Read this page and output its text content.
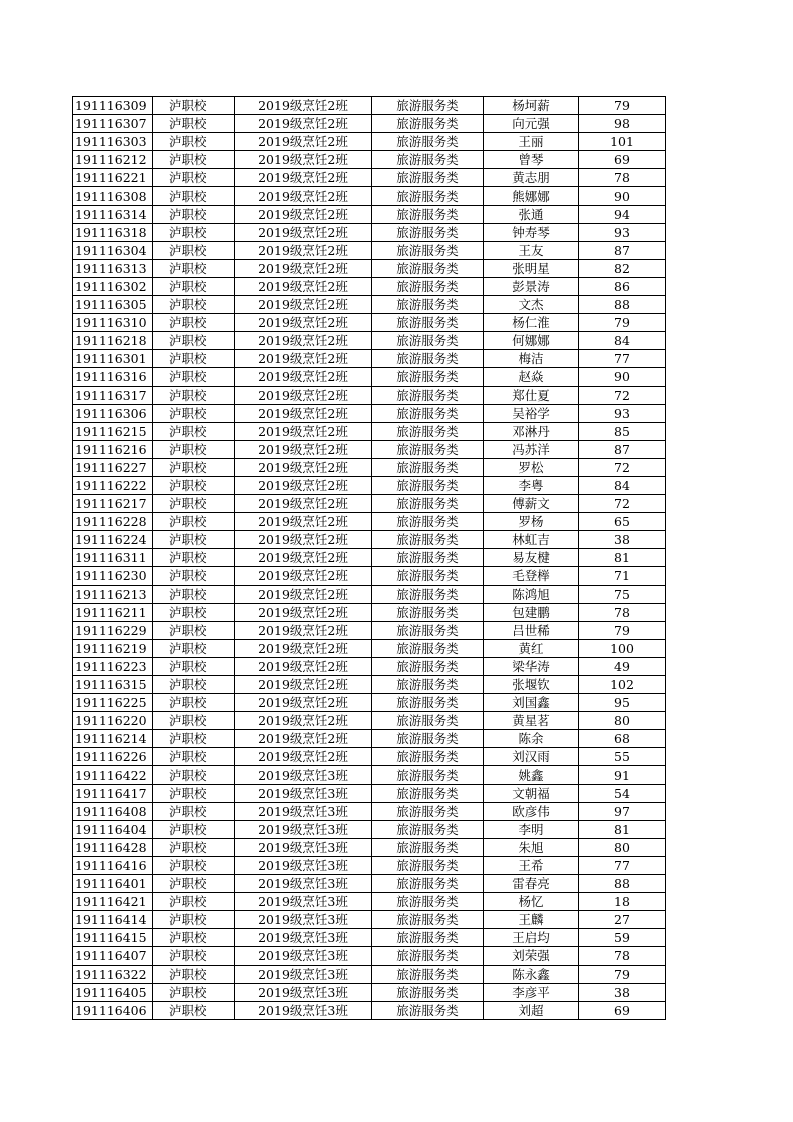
191116309	泸职校	2019级烹饪2班	旅游服务类	杨坷薪	79
191116307	泸职校	2019级烹饪2班	旅游服务类	向元强	98
191116303	泸职校	2019级烹饪2班	旅游服务类	王丽	101
191116212	泸职校	2019级烹饪2班	旅游服务类	曾琴	69
191116221	泸职校	2019级烹饪2班	旅游服务类	黄志朋	78
191116308	泸职校	2019级烹饪2班	旅游服务类	熊娜娜	90
191116314	泸职校	2019级烹饪2班	旅游服务类	张通	94
191116318	泸职校	2019级烹饪2班	旅游服务类	钟寿琴	93
191116304	泸职校	2019级烹饪2班	旅游服务类	王友	87
191116313	泸职校	2019级烹饪2班	旅游服务类	张明星	82
191116302	泸职校	2019级烹饪2班	旅游服务类	彭景涛	86
191116305	泸职校	2019级烹饪2班	旅游服务类	文杰	88
191116310	泸职校	2019级烹饪2班	旅游服务类	杨仁淮	79
191116218	泸职校	2019级烹饪2班	旅游服务类	何娜娜	84
191116301	泸职校	2019级烹饪2班	旅游服务类	梅洁	77
191116316	泸职校	2019级烹饪2班	旅游服务类	赵焱	90
191116317	泸职校	2019级烹饪2班	旅游服务类	郑仕夏	72
191116306	泸职校	2019级烹饪2班	旅游服务类	吴裕学	93
191116215	泸职校	2019级烹饪2班	旅游服务类	邓淋丹	85
191116216	泸职校	2019级烹饪2班	旅游服务类	冯苏洋	87
191116227	泸职校	2019级烹饪2班	旅游服务类	罗松	72
191116222	泸职校	2019级烹饪2班	旅游服务类	李粤	84
191116217	泸职校	2019级烹饪2班	旅游服务类	傅薪文	72
191116228	泸职校	2019级烹饪2班	旅游服务类	罗杨	65
191116224	泸职校	2019级烹饪2班	旅游服务类	林虹吉	38
191116311	泸职校	2019级烹饪2班	旅游服务类	易友楗	81
191116230	泸职校	2019级烹饪2班	旅游服务类	毛登榉	71
191116213	泸职校	2019级烹饪2班	旅游服务类	陈鸿旭	75
191116211	泸职校	2019级烹饪2班	旅游服务类	包建鹏	78
191116229	泸职校	2019级烹饪2班	旅游服务类	吕世稀	79
191116219	泸职校	2019级烹饪2班	旅游服务类	黄红	100
191116223	泸职校	2019级烹饪2班	旅游服务类	梁华涛	49
191116315	泸职校	2019级烹饪2班	旅游服务类	张堰钦	102
191116225	泸职校	2019级烹饪2班	旅游服务类	刘国鑫	95
191116220	泸职校	2019级烹饪2班	旅游服务类	黄星茗	80
191116214	泸职校	2019级烹饪2班	旅游服务类	陈余	68
191116226	泸职校	2019级烹饪2班	旅游服务类	刘汉雨	55
191116422	泸职校	2019级烹饪3班	旅游服务类	姚鑫	91
191116417	泸职校	2019级烹饪3班	旅游服务类	文朝福	54
191116408	泸职校	2019级烹饪3班	旅游服务类	欧彦伟	97
191116404	泸职校	2019级烹饪3班	旅游服务类	李明	81
191116428	泸职校	2019级烹饪3班	旅游服务类	朱旭	80
191116416	泸职校	2019级烹饪3班	旅游服务类	王希	77
191116401	泸职校	2019级烹饪3班	旅游服务类	雷春亮	88
191116421	泸职校	2019级烹饪3班	旅游服务类	杨忆	18
191116414	泸职校	2019级烹饪3班	旅游服务类	王麟	27
191116415	泸职校	2019级烹饪3班	旅游服务类	王启均	59
191116407	泸职校	2019级烹饪3班	旅游服务类	刘荣强	78
191116322	泸职校	2019级烹饪3班	旅游服务类	陈永鑫	79
191116405	泸职校	2019级烹饪3班	旅游服务类	李彦平	38
191116406	泸职校	2019级烹饪3班	旅游服务类	刘超	69
